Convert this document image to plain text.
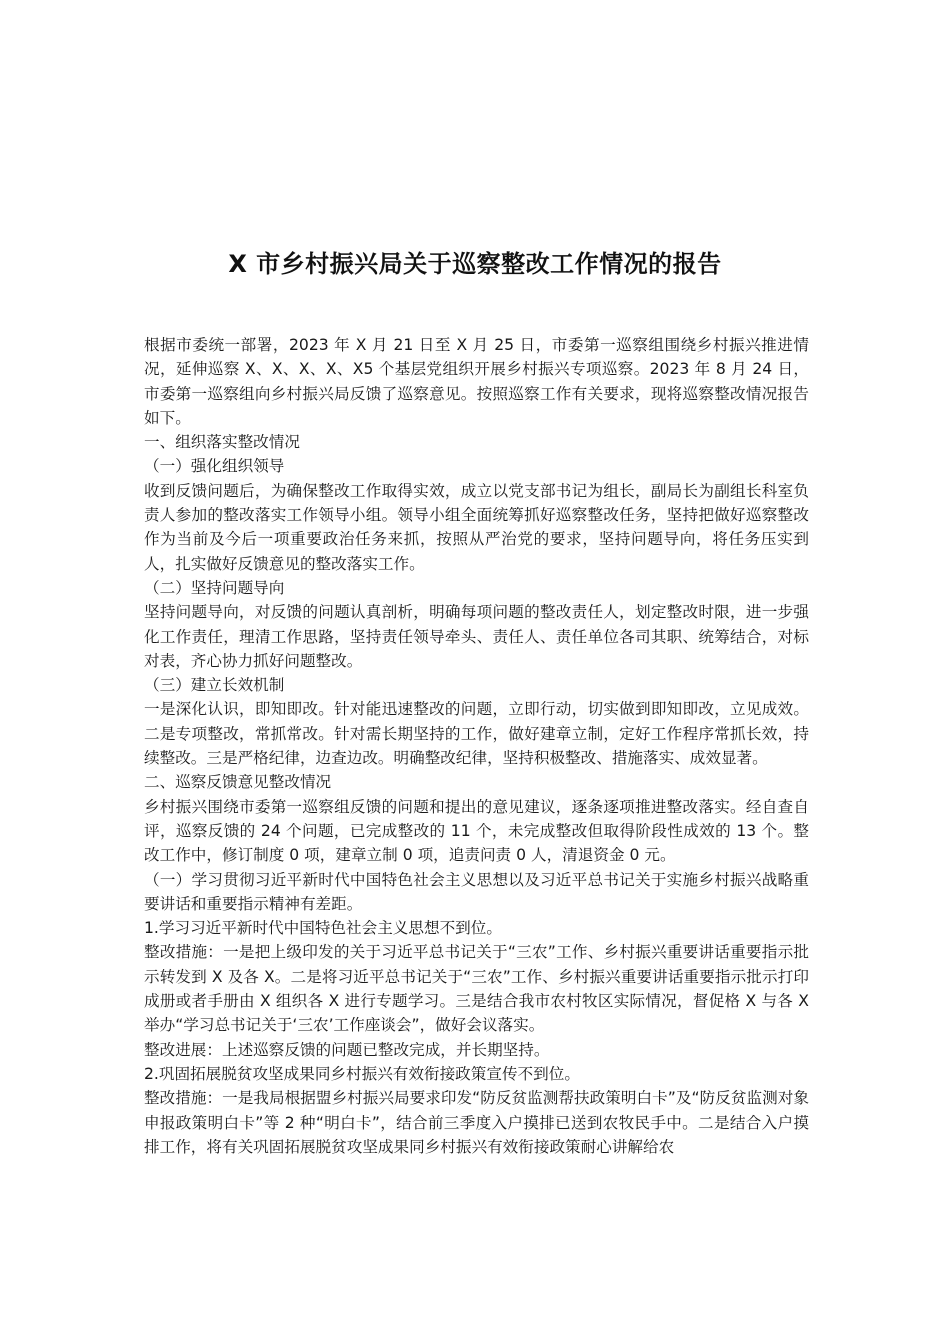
X 市乡村振兴局关于巡察整改工作情况的报告

根据市委统一部署，2023 年 X 月 21 日至 X 月 25 日，市委第一巡察组围绕乡村振兴推进情况，延伸巡察 X、X、X、X、X5 个基层党组织开展乡村振兴专项巡察。2023 年 8 月 24 日，市委第一巡察组向乡村振兴局反馈了巡察意见。按照巡察工作有关要求，现将巡察整改情况报告如下。

一、组织落实整改情况

（一）强化组织领导

收到反馈问题后，为确保整改工作取得实效，成立以党支部书记为组长，副局长为副组长科室负责人参加的整改落实工作领导小组。领导小组全面统筹抓好巡察整改任务，坚持把做好巡察整改作为当前及今后一项重要政治任务来抓，按照从严治党的要求，坚持问题导向，将任务压实到人，扎实做好反馈意见的整改落实工作。

（二）坚持问题导向

坚持问题导向，对反馈的问题认真剖析，明确每项问题的整改责任人，划定整改时限，进一步强化工作责任，理清工作思路，坚持责任领导牵头、责任人、责任单位各司其职、统筹结合，对标对表，齐心协力抓好问题整改。

（三）建立长效机制

一是深化认识，即知即改。针对能迅速整改的问题，立即行动，切实做到即知即改，立见成效。二是专项整改，常抓常改。针对需长期坚持的工作，做好建章立制，定好工作程序常抓长效，持续整改。三是严格纪律，边查边改。明确整改纪律，坚持积极整改、措施落实、成效显著。

二、巡察反馈意见整改情况

乡村振兴围绕市委第一巡察组反馈的问题和提出的意见建议，逐条逐项推进整改落实。经自查自评，巡察反馈的 24 个问题，已完成整改的 11 个，未完成整改但取得阶段性成效的 13 个。整改工作中，修订制度 0 项，建章立制 0 项，追责问责 0 人，清退资金 0 元。

（一）学习贯彻习近平新时代中国特色社会主义思想以及习近平总书记关于实施乡村振兴战略重要讲话和重要指示精神有差距。

1.学习习近平新时代中国特色社会主义思想不到位。

整改措施：一是把上级印发的关于习近平总书记关于“三农”工作、乡村振兴重要讲话重要指示批示转发到 X 及各 X。二是将习近平总书记关于“三农”工作、乡村振兴重要讲话重要指示批示打印成册或者手册由 X 组织各 X 进行专题学习。三是结合我市农村牧区实际情况，督促格 X 与各 X 举办“学习总书记关于‘三农’工作座谈会”，做好会议落实。

整改进展：上述巡察反馈的问题已整改完成，并长期坚持。

2.巩固拓展脱贫攻坚成果同乡村振兴有效衔接政策宣传不到位。

整改措施：一是我局根据盟乡村振兴局要求印发“防反贫监测帮扶政策明白卡”及“防反贫监测对象申报政策明白卡”等 2 种“明白卡”，结合前三季度入户摸排已送到农牧民手中。二是结合入户摸排工作，将有关巩固拓展脱贫攻坚成果同乡村振兴有效衔接政策耐心讲解给农
